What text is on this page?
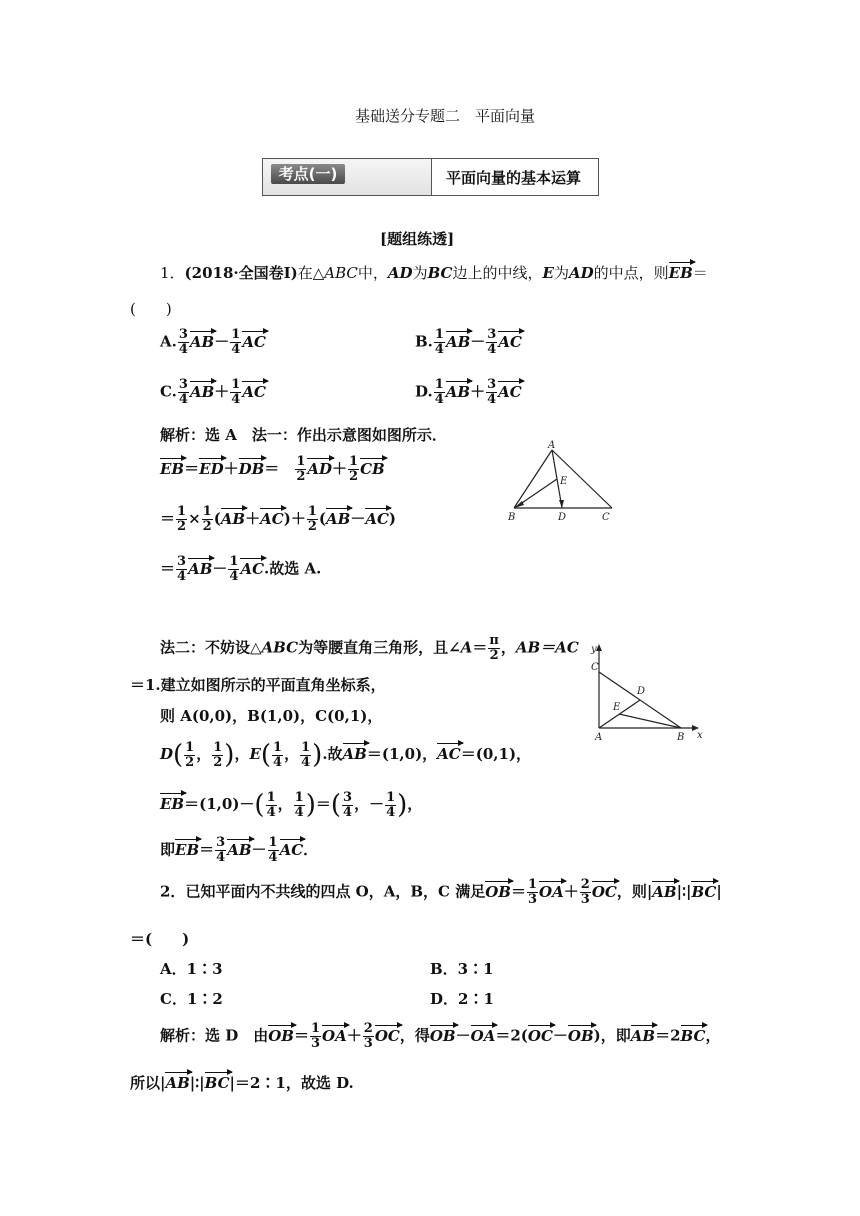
基础送分专题二　平面向量
考点(一)	平面向量的基本运算
[题组练透]
1．(2018·全国卷Ⅰ)在△ABC中，AD为BC边上的中线，E为AD的中点，则EB＝
(　　)
A. $\frac{3}{4} AB- \frac{1}{4}$ AC	B. $\frac{1}{4} AB- \frac{3}{4}$ AC
C. $\frac{3}{4} AB+ \frac{1}{4}$ AC	D. $\frac{1}{4} AB+ \frac{3}{4}$ AC
解析：选 A　 法一：作出示意图如图所示．
EB＝ED＋DB＝　 $\frac{1}{2} AD+ \frac{1}{2}$ CB
＝ $\frac{1}{2} \times \frac{1}{2} (AB+AC)+ \frac{1}{2} (AB-AC)$
＝ $\frac{3}{4} AB- \frac{1}{4}$ AC.故选 A.
A
E
B	D	C
法二：不妨设△ABC为等腰直角三角形，且∠A＝ $\frac{\pi}{2}$ ，AB＝AC
＝1.建立如图所示的平面直角坐标系，
则 A(0,0)，B(1,0)，C(0,1)，
$D( \frac{1}{2}$ ， $\frac{1}{2}$ )，$E( \frac{1}{4}$ ， $\frac{1}{4}$ ).故AB＝(1,0)，AC＝(0,1)，
$EB=(1,0)-( \frac{1}{4}$ ， $\frac{1}{4}$ )＝( $\frac{3}{4}$ ，－ $\frac{1}{4}$ )，
即$EB= \frac{3}{4} AB- \frac{1}{4}$ AC．
y
C
D
E
A	B x
2．已知平面内不共线的四点 O，A，B，C 满足$OB= \frac{1}{3} OA+ \frac{2}{3}$ OC，则|AB|∶|BC|
＝(　　)
A．1∶3	B．3∶1
C．1∶2	D．2∶1
解析：选 D　由$OB= \frac{1}{3} OA+ \frac{2}{3}$ OC，得OB－OA＝2(OC－OB)，即AB＝2BC，
所以|AB|∶|BC|＝2∶1，故选 D.
